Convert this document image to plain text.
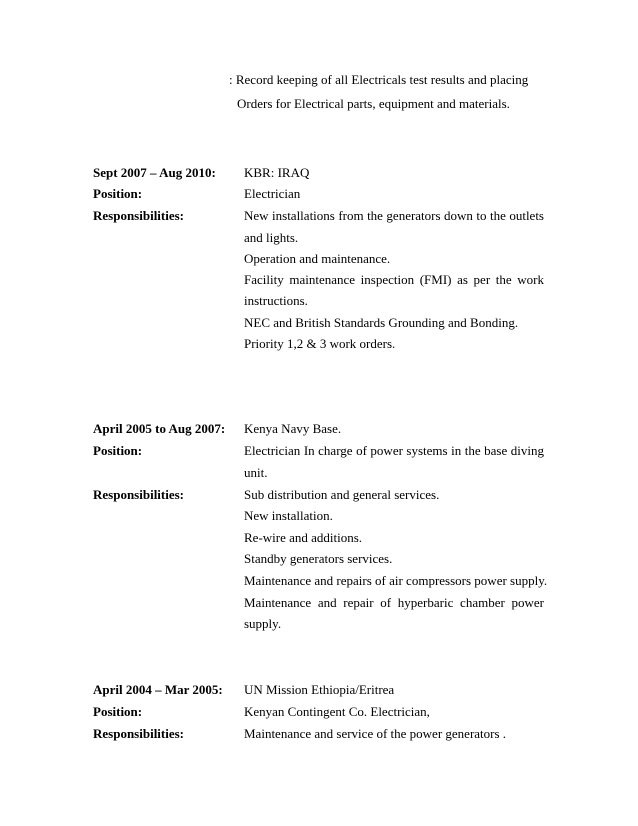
: Record keeping of all Electricals test results and placing
Orders for Electrical parts, equipment and materials.
Sept 2007 – Aug 2010: KBR: IRAQ
Position:	Electrician
Responsibilities:	New installations from the generators down to the outlets
and lights.
Operation and maintenance.
Facility maintenance inspection (FMI) as per the work
instructions.
NEC and British Standards Grounding and Bonding.
Priority 1,2 & 3 work orders.
April 2005 to Aug 2007: Kenya Navy Base.
Position:	Electrician In charge of power systems in the base diving
unit.
Responsibilities:	Sub distribution and general services.
New installation.
Re-wire and additions.
Standby generators services.
Maintenance and repairs of air compressors power supply.
Maintenance and repair of hyperbaric chamber power
supply.
April 2004 – Mar 2005: UN Mission Ethiopia/Eritrea
Position:	Kenyan Contingent Co. Electrician,
Responsibilities:	Maintenance and service of the power generators .
